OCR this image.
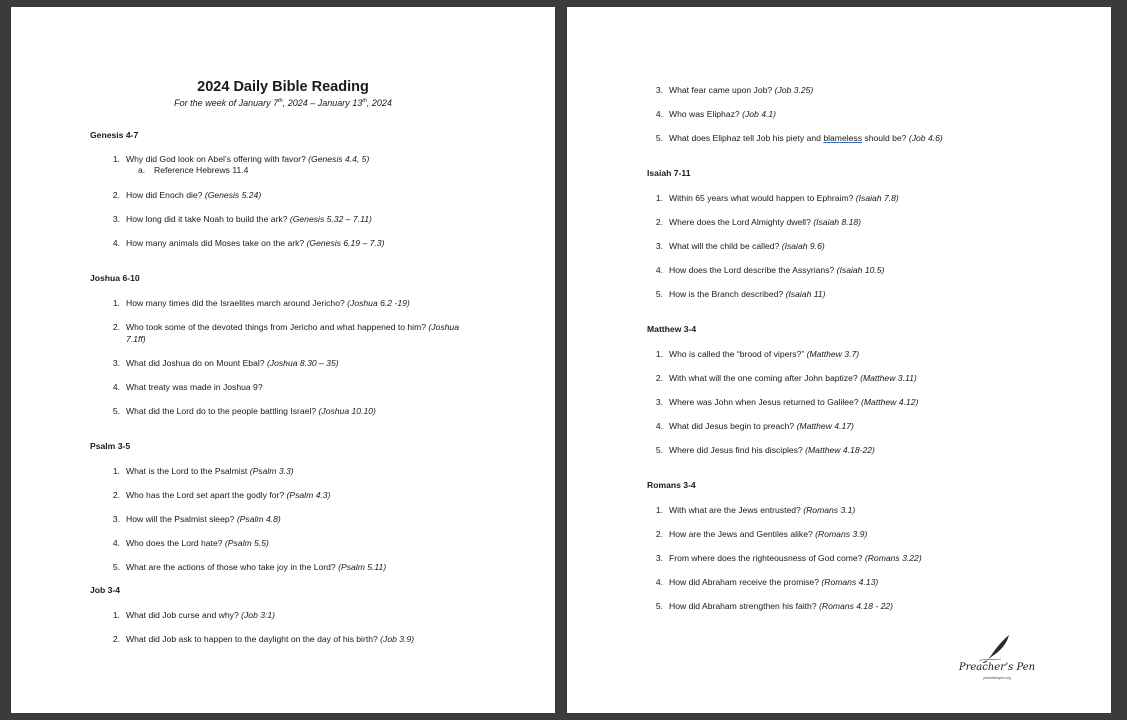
2024 Daily Bible Reading
For the week of January 7th, 2024 – January 13th, 2024
Genesis 4-7
1. Why did God look on Abel’s offering with favor? (Genesis 4.4, 5)
a. Reference Hebrews 11.4
2. How did Enoch die? (Genesis 5.24)
3. How long did it take Noah to build the ark? (Genesis 5.32 – 7.11)
4. How many animals did Moses take on the ark? (Genesis 6.19 – 7.3)
Joshua 6-10
1. How many times did the Israelites march around Jericho? (Joshua 6.2 -19)
2. Who took some of the devoted things from Jericho and what happened to him? (Joshua 7.1ff)
3. What did Joshua do on Mount Ebal? (Joshua 8.30 – 35)
4. What treaty was made in Joshua 9?
5. What did the Lord do to the people battling Israel? (Joshua 10.10)
Psalm 3-5
1. What is the Lord to the Psalmist (Psalm 3.3)
2. Who has the Lord set apart the godly for? (Psalm 4.3)
3. How will the Psalmist sleep? (Psalm 4.8)
4. Who does the Lord hate? (Psalm 5.5)
5. What are the actions of those who take joy in the Lord? (Psalm 5.11)
Job 3-4
1. What did Job curse and why? (Job 3:1)
2. What did Job ask to happen to the daylight on the day of his birth? (Job 3.9)
3. What fear came upon Job? (Job 3.25)
4. Who was Eliphaz? (Job 4.1)
5. What does Eliphaz tell Job his piety and blameless should be? (Job 4.6)
Isaiah 7-11
1. Within 65 years what would happen to Ephraim? (Isaiah 7.8)
2. Where does the Lord Almighty dwell? (Isaiah 8.18)
3. What will the child be called? (Isaiah 9.6)
4. How does the Lord describe the Assyrians? (Isaiah 10.5)
5. How is the Branch described? (Isaiah 11)
Matthew 3-4
1. Who is called the “brood of vipers?” (Matthew 3.7)
2. With what will the one coming after John baptize? (Matthew 3.11)
3. Where was John when Jesus returned to Galilee? (Matthew 4.12)
4. What did Jesus begin to preach? (Matthew 4.17)
5. Where did Jesus find his disciples? (Matthew 4.18-22)
Romans 3-4
1. With what are the Jews entrusted? (Romans 3.1)
2. How are the Jews and Gentiles alike? (Romans 3.9)
3. From where does the righteousness of God come? (Romans 3.22)
4. How did Abraham receive the promise? (Romans 4.13)
5. How did Abraham strengthen his faith? (Romans 4.18 - 22)
Preacher’s Pen
preacherspen.org
